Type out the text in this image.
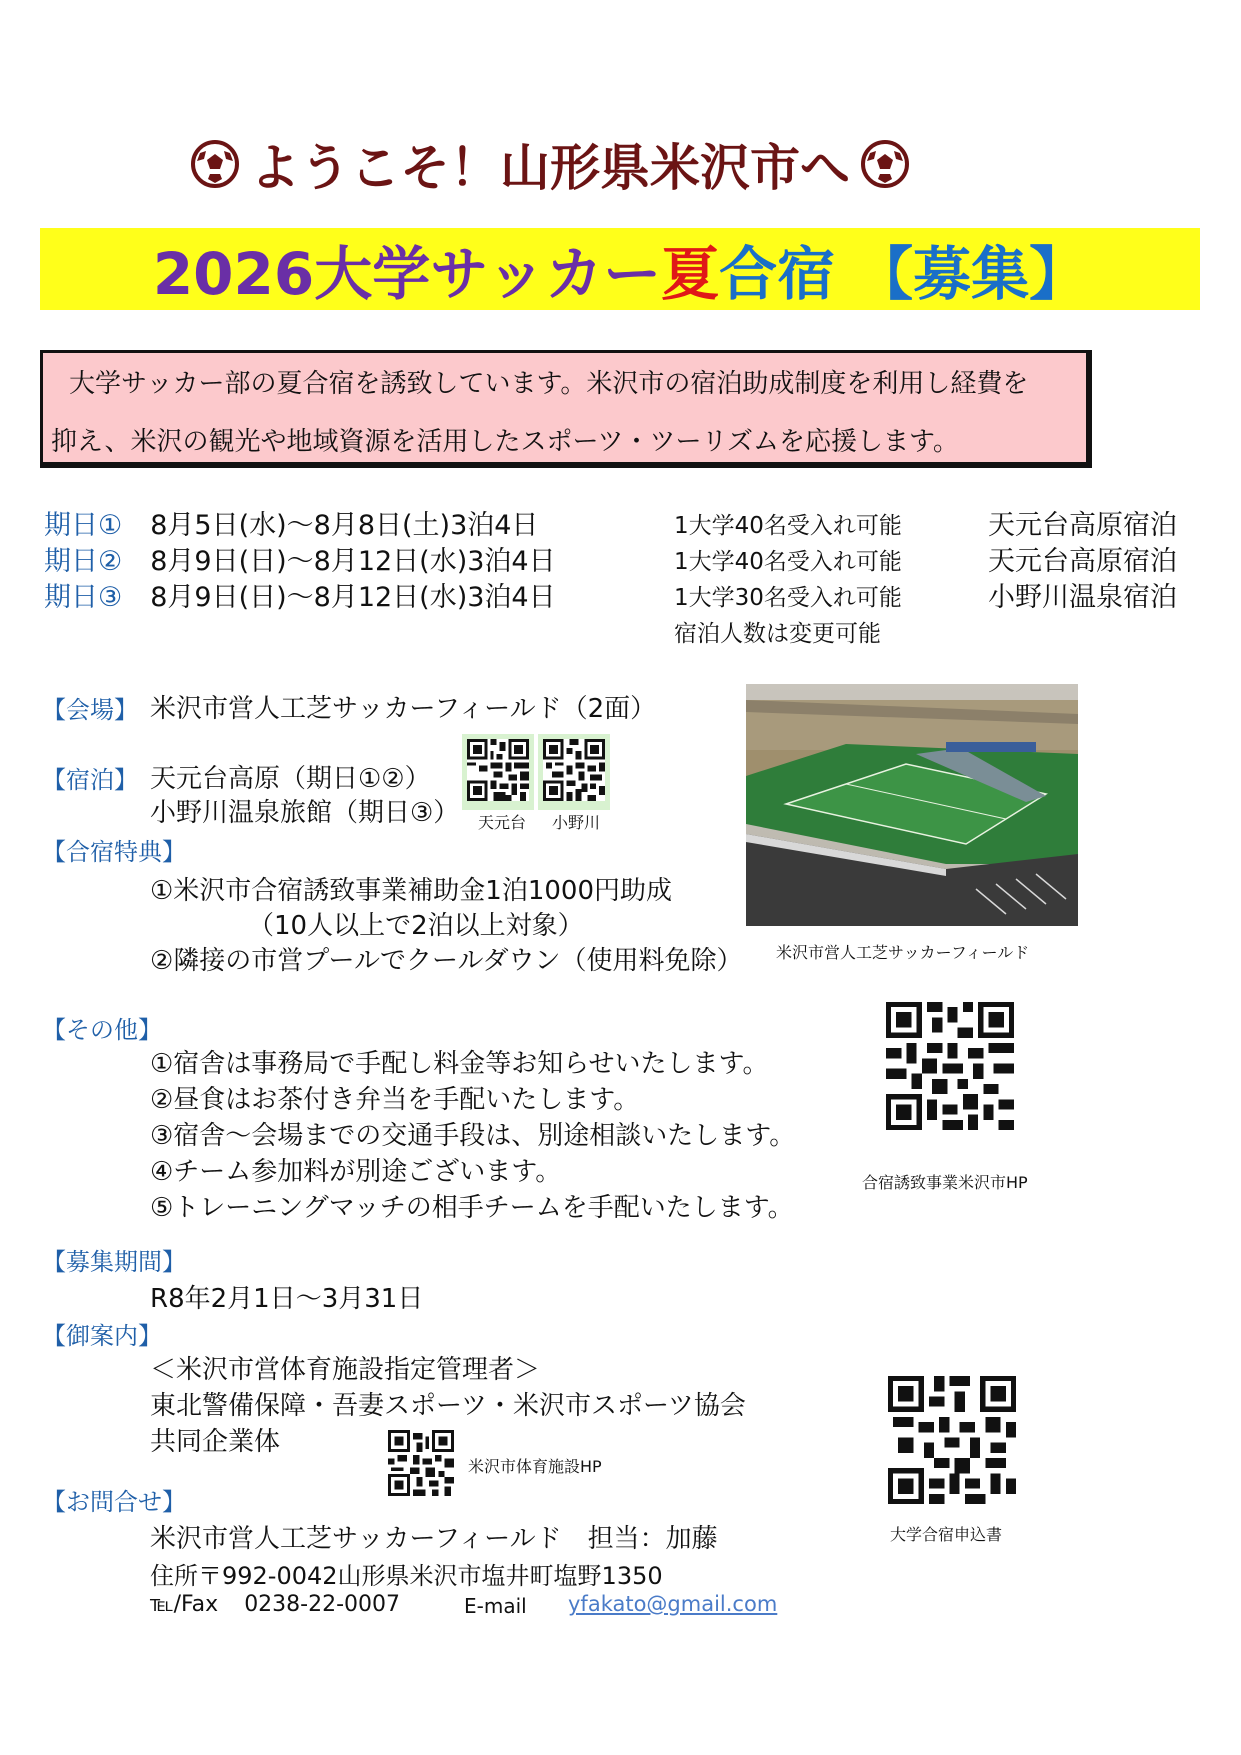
ようこそ！山形県米沢市へ
2026大学サッカー 夏 合宿 【募集】
大学サッカー部の夏合宿を誘致しています。米沢市の宿泊助成制度を利用し経費を
抑え、米沢の観光や地域資源を活用したスポーツ・ツーリズムを応援します。
期日① 8月5日(水)～8月8日(土)3泊4日
期日② 8月9日(日)～8月12日(水)3泊4日
期日③ 8月9日(日)～8月12日(水)3泊4日
1大学40名受入れ可能
1大学40名受入れ可能
1大学30名受入れ可能
宿泊人数は変更可能
天元台高原宿泊
天元台高原宿泊
小野川温泉宿泊
【会場】 米沢市営人工芝サッカーフィールド（2面）
【宿泊】 天元台高原（期日①②）
小野川温泉旅館（期日③） 天元台 小野川
米沢市営人工芝サッカーフィールド
【合宿特典】
①米沢市合宿誘致事業補助金1泊1000円助成
（10人以上で2泊以上対象）
②隣接の市営プールでクールダウン（使用料免除）
【その他】
①宿舎は事務局で手配し料金等お知らせいたします。
②昼食はお茶付き弁当を手配いたします。
③宿舎～会場までの交通手段は、別途相談いたします。
④チーム参加料が別途ございます。
⑤トレーニングマッチの相手チームを手配いたします。
合宿誘致事業米沢市HP
【募集期間】
R8年2月1日～3月31日
【御案内】
＜米沢市営体育施設指定管理者＞
東北警備保障・吾妻スポーツ・米沢市スポーツ協会
共同企業体
米沢市体育施設HP
大学合宿申込書
【お問合せ】
米沢市営人工芝サッカーフィールド　担当：加藤
住所〒992-0042山形県米沢市塩井町塩野1350
℡/Fax 0238-22-0007	E-mail yfakato@gmail.com
